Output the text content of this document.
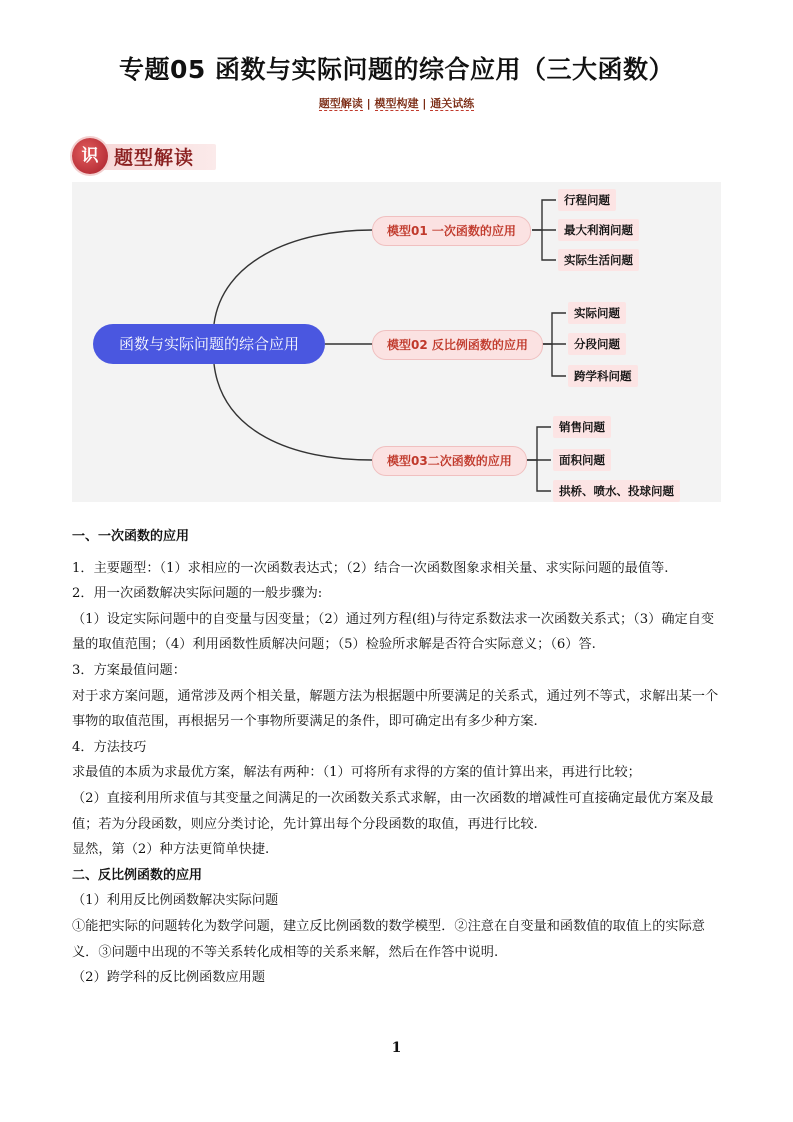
专题05 函数与实际问题的综合应用（三大函数）
题型解读 | 模型构建 | 通关试练
识 题型解读
函数与实际问题的综合应用
模型01 一次函数的应用
模型02 反比例函数的应用
模型03二次函数的应用
行程问题
最大利润问题
实际生活问题
实际问题
分段问题
跨学科问题
销售问题
面积问题
拱桥、喷水、投球问题

一、一次函数的应用

1．主要题型：（1）求相应的一次函数表达式；（2）结合一次函数图象求相关量、求实际问题的最值等.

2．用一次函数解决实际问题的一般步骤为:

（1）设定实际问题中的自变量与因变量；（2）通过列方程(组)与待定系数法求一次函数关系式；（3）确定自变量的取值范围；（4）利用函数性质解决问题；（5）检验所求解是否符合实际意义；（6）答.

3．方案最值问题：

对于求方案问题，通常涉及两个相关量，解题方法为根据题中所要满足的关系式，通过列不等式，求解出某一个事物的取值范围，再根据另一个事物所要满足的条件，即可确定出有多少种方案.

4．方法技巧

求最值的本质为求最优方案，解法有两种：（1）可将所有求得的方案的值计算出来，再进行比较；

（2）直接利用所求值与其变量之间满足的一次函数关系式求解，由一次函数的增减性可直接确定最优方案及最值；若为分段函数，则应分类讨论，先计算出每个分段函数的取值，再进行比较.

显然，第（2）种方法更简单快捷.

二、反比例函数的应用

（1）利用反比例函数解决实际问题

①能把实际的问题转化为数学问题，建立反比例函数的数学模型．②注意在自变量和函数值的取值上的实际意义．③问题中出现的不等关系转化成相等的关系来解，然后在作答中说明.

（2）跨学科的反比例函数应用题

1
